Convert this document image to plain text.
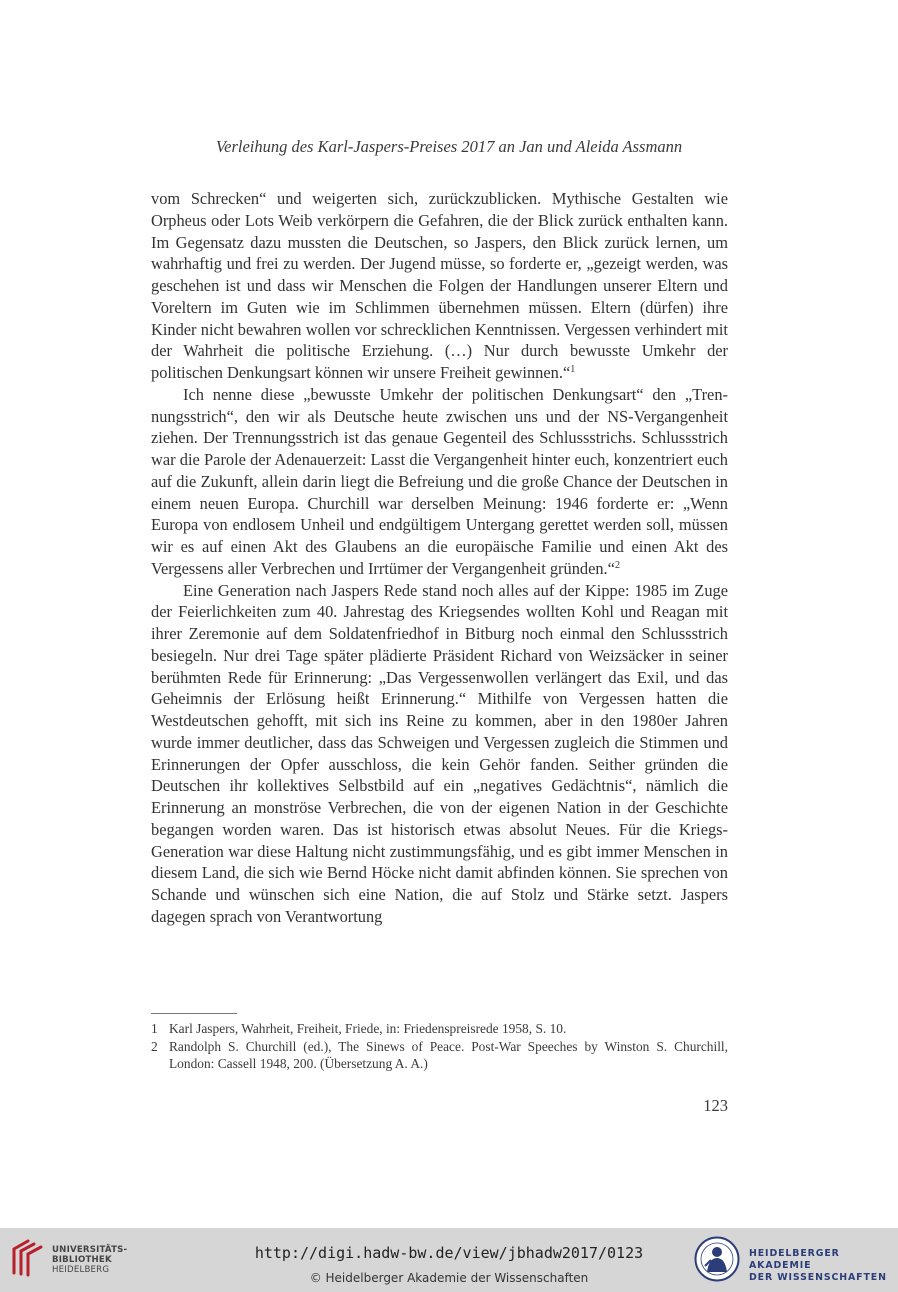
Verleihung des Karl-Jaspers-Preises 2017 an Jan und Aleida Assmann

vom Schrecken“ und weigerten sich, zurückzublicken. Mythische Gestalten wie Orpheus oder Lots Weib verkörpern die Gefahren, die der Blick zurück enthalten kann. Im Gegensatz dazu mussten die Deutschen, so Jaspers, den Blick zurück lernen, um wahrhaftig und frei zu werden. Der Jugend müsse, so forderte er, „gezeigt werden, was geschehen ist und dass wir Menschen die Folgen der Handlungen unserer Eltern und Voreltern im Guten wie im Schlimmen übernehmen müssen. Eltern (dürfen) ihre Kinder nicht bewahren wollen vor schrecklichen Kenntnissen. Vergessen verhindert mit der Wahrheit die politische Erziehung. (…) Nur durch bewusste Umkehr der politischen Denkungsart können wir unsere Freiheit gewinnen.“$^1$

Ich nenne diese „bewusste Umkehr der politischen Denkungsart“ den „Trennungsstrich“, den wir als Deutsche heute zwischen uns und der NS-Vergangenheit ziehen. Der Trennungsstrich ist das genaue Gegenteil des Schlussstrichs. Schlussstrich war die Parole der Adenauerzeit: Lasst die Vergangenheit hinter euch, konzentriert euch auf die Zukunft, allein darin liegt die Befreiung und die große Chance der Deutschen in einem neuen Europa. Churchill war derselben Meinung: 1946 forderte er: „Wenn Europa von endlosem Unheil und endgültigem Untergang gerettet werden soll, müssen wir es auf einen Akt des Glaubens an die europäische Familie und einen Akt des Vergessens aller Verbrechen und Irrtümer der Vergangenheit gründen.“$^2$

Eine Generation nach Jaspers Rede stand noch alles auf der Kippe: 1985 im Zuge der Feierlichkeiten zum 40. Jahrestag des Kriegsendes wollten Kohl und Reagan mit ihrer Zeremonie auf dem Soldatenfriedhof in Bitburg noch einmal den Schlussstrich besiegeln. Nur drei Tage später plädierte Präsident Richard von Weizsäcker in seiner berühmten Rede für Erinnerung: „Das Vergessenwollen verlängert das Exil, und das Geheimnis der Erlösung heißt Erinnerung.“ Mithilfe von Vergessen hatten die Westdeutschen gehofft, mit sich ins Reine zu kommen, aber in den 1980er Jahren wurde immer deutlicher, dass das Schweigen und Vergessen zugleich die Stimmen und Erinnerungen der Opfer ausschloss, die kein Gehör fanden. Seither gründen die Deutschen ihr kollektives Selbstbild auf ein „negatives Gedächtnis“, nämlich die Erinnerung an monströse Verbrechen, die von der eigenen Nation in der Geschichte begangen worden waren. Das ist historisch etwas absolut Neues. Für die Kriegs-Generation war diese Haltung nicht zustimmungsfähig, und es gibt immer Menschen in diesem Land, die sich wie Bernd Höcke nicht damit abfinden können. Sie sprechen von Schande und wünschen sich eine Nation, die auf Stolz und Stärke setzt. Jaspers dagegen sprach von Verantwortung

1 Karl Jaspers, Wahrheit, Freiheit, Friede, in: Friedenspreisrede 1958, S. 10.
2 Randolph S. Churchill (ed.), The Sinews of Peace. Post-War Speeches by Winston S. Churchill, London: Cassell 1948, 200. (Übersetzung A. A.)
123
UNIVERSITÄTS-
BIBLIOTHEK
HEIDELBERG
http://digi.hadw-bw.de/view/jbhadw2017/0123
© Heidelberger Akademie der Wissenschaften
HEIDELBERGER AKADEMIE
DER WISSENSCHAFTEN
